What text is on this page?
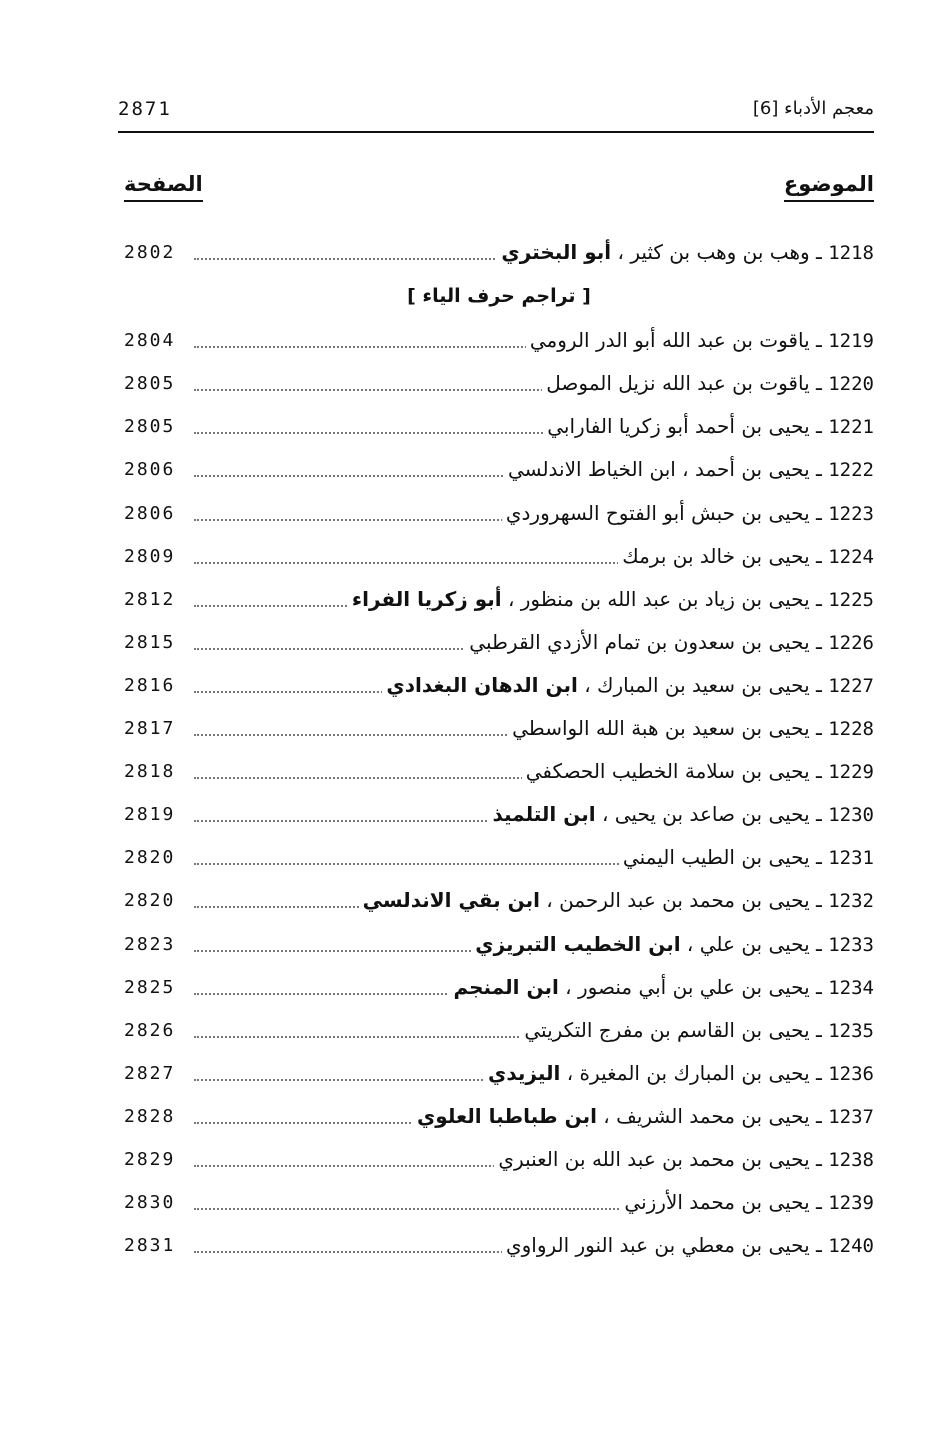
معجم الأدباء [6]
2871
الموضوع
الصفحة
1218 ـ وهب بن وهب بن كثير ، أبو البختري
2802
[ تراجم حرف الياء ]
1219 ـ ياقوت بن عبد الله أبو الدر الرومي
2804
1220 ـ ياقوت بن عبد الله نزيل الموصل
2805
1221 ـ يحيى بن أحمد أبو زكريا الفارابي
2805
1222 ـ يحيى بن أحمد ، ابن الخياط الاندلسي
2806
1223 ـ يحيى بن حبش أبو الفتوح السهروردي
2806
1224 ـ يحيى بن خالد بن برمك
2809
1225 ـ يحيى بن زياد بن عبد الله بن منظور ، أبو زكريا الفراء
2812
1226 ـ يحيى بن سعدون بن تمام الأزدي القرطبي
2815
1227 ـ يحيى بن سعيد بن المبارك ، ابن الدهان البغدادي
2816
1228 ـ يحيى بن سعيد بن هبة الله الواسطي
2817
1229 ـ يحيى بن سلامة الخطيب الحصكفي
2818
1230 ـ يحيى بن صاعد بن يحيى ، ابن التلميذ
2819
1231 ـ يحيى بن الطيب اليمني
2820
1232 ـ يحيى بن محمد بن عبد الرحمن ، ابن بقي الاندلسي
2820
1233 ـ يحيى بن علي ، ابن الخطيب التبريزي
2823
1234 ـ يحيى بن علي بن أبي منصور ، ابن المنجم
2825
1235 ـ يحيى بن القاسم بن مفرج التكريتي
2826
1236 ـ يحيى بن المبارك بن المغيرة ، اليزيدي
2827
1237 ـ يحيى بن محمد الشريف ، ابن طباطبا العلوي
2828
1238 ـ يحيى بن محمد بن عبد الله بن العنبري
2829
1239 ـ يحيى بن محمد الأرزني
2830
1240 ـ يحيى بن معطي بن عبد النور الرواوي
2831
